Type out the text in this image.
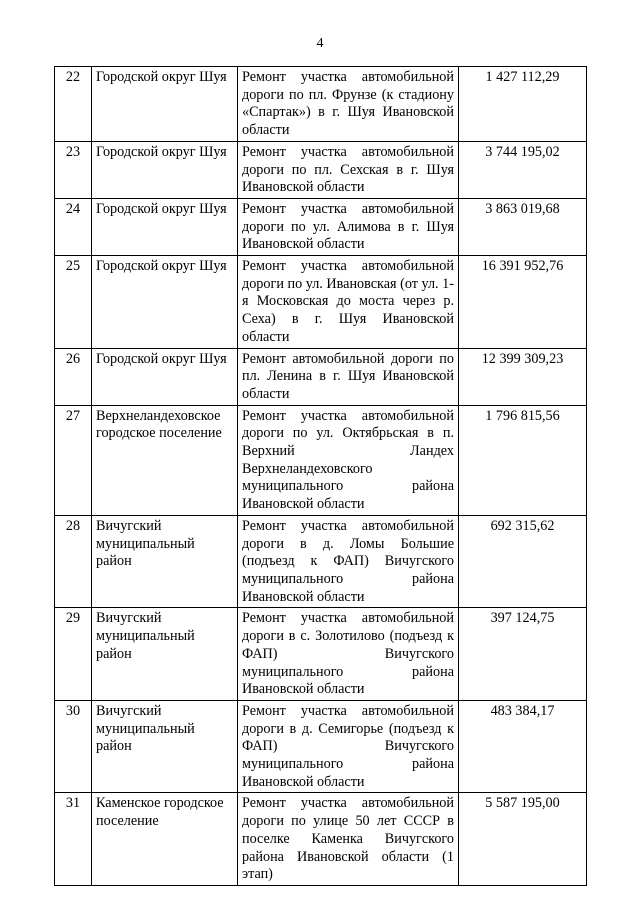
4
22	Городской округ Шуя	Ремонт участка автомобильной дороги по пл. Фрунзе (к стадиону «Спартак») в г. Шуя Ивановской области	1 427 112,29
23	Городской округ Шуя	Ремонт участка автомобильной дороги по пл. Сехская в г. Шуя Ивановской области	3 744 195,02
24	Городской округ Шуя	Ремонт участка автомобильной дороги по ул. Алимова в г. Шуя Ивановской области	3 863 019,68
25	Городской округ Шуя	Ремонт участка автомобильной дороги по ул. Ивановская (от ул. 1-я Московская до моста через р. Сеха) в г. Шуя Ивановской области	16 391 952,76
26	Городской округ Шуя	Ремонт автомобильной дороги по пл. Ленина в г. Шуя Ивановской области	12 399 309,23
27	Верхнеландеховское городское поселение	Ремонт участка автомобильной дороги по ул. Октябрьская в п. Верхний Ландех Верхнеландеховского муниципального района Ивановской области	1 796 815,56
28	Вичугский муниципальный район	Ремонт участка автомобильной дороги в д. Ломы Большие (подъезд к ФАП) Вичугского муниципального района Ивановской области	692 315,62
29	Вичугский муниципальный район	Ремонт участка автомобильной дороги в с. Золотилово (подъезд к ФАП) Вичугского муниципального района Ивановской области	397 124,75
30	Вичугский муниципальный район	Ремонт участка автомобильной дороги в д. Семигорье (подъезд к ФАП) Вичугского муниципального района Ивановской области	483 384,17
31	Каменское городское поселение	Ремонт участка автомобильной дороги по улице 50 лет СССР в поселке Каменка Вичугского района Ивановской области (1 этап)	5 587 195,00
